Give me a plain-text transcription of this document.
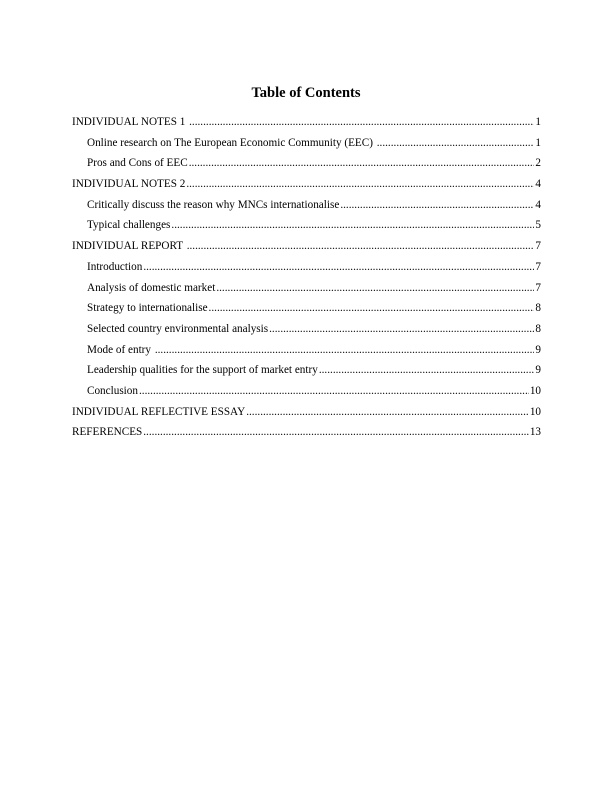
Table of Contents
INDIVIDUAL NOTES 1 .....	1
Online research on The European Economic Community (EEC) .....	1
Pros and Cons of EEC .....	2
INDIVIDUAL NOTES 2 .....	4
Critically discuss the reason why MNCs internationalise .....	4
Typical challenges .....	5
INDIVIDUAL REPORT .....	7
Introduction .....	7
Analysis of domestic market .....	7
Strategy to internationalise .....	8
Selected country environmental analysis .....	8
Mode of entry .....	9
Leadership qualities for the support of market entry .....	9
Conclusion .....	10
INDIVIDUAL REFLECTIVE ESSAY .....	10
REFERENCES .....	13
